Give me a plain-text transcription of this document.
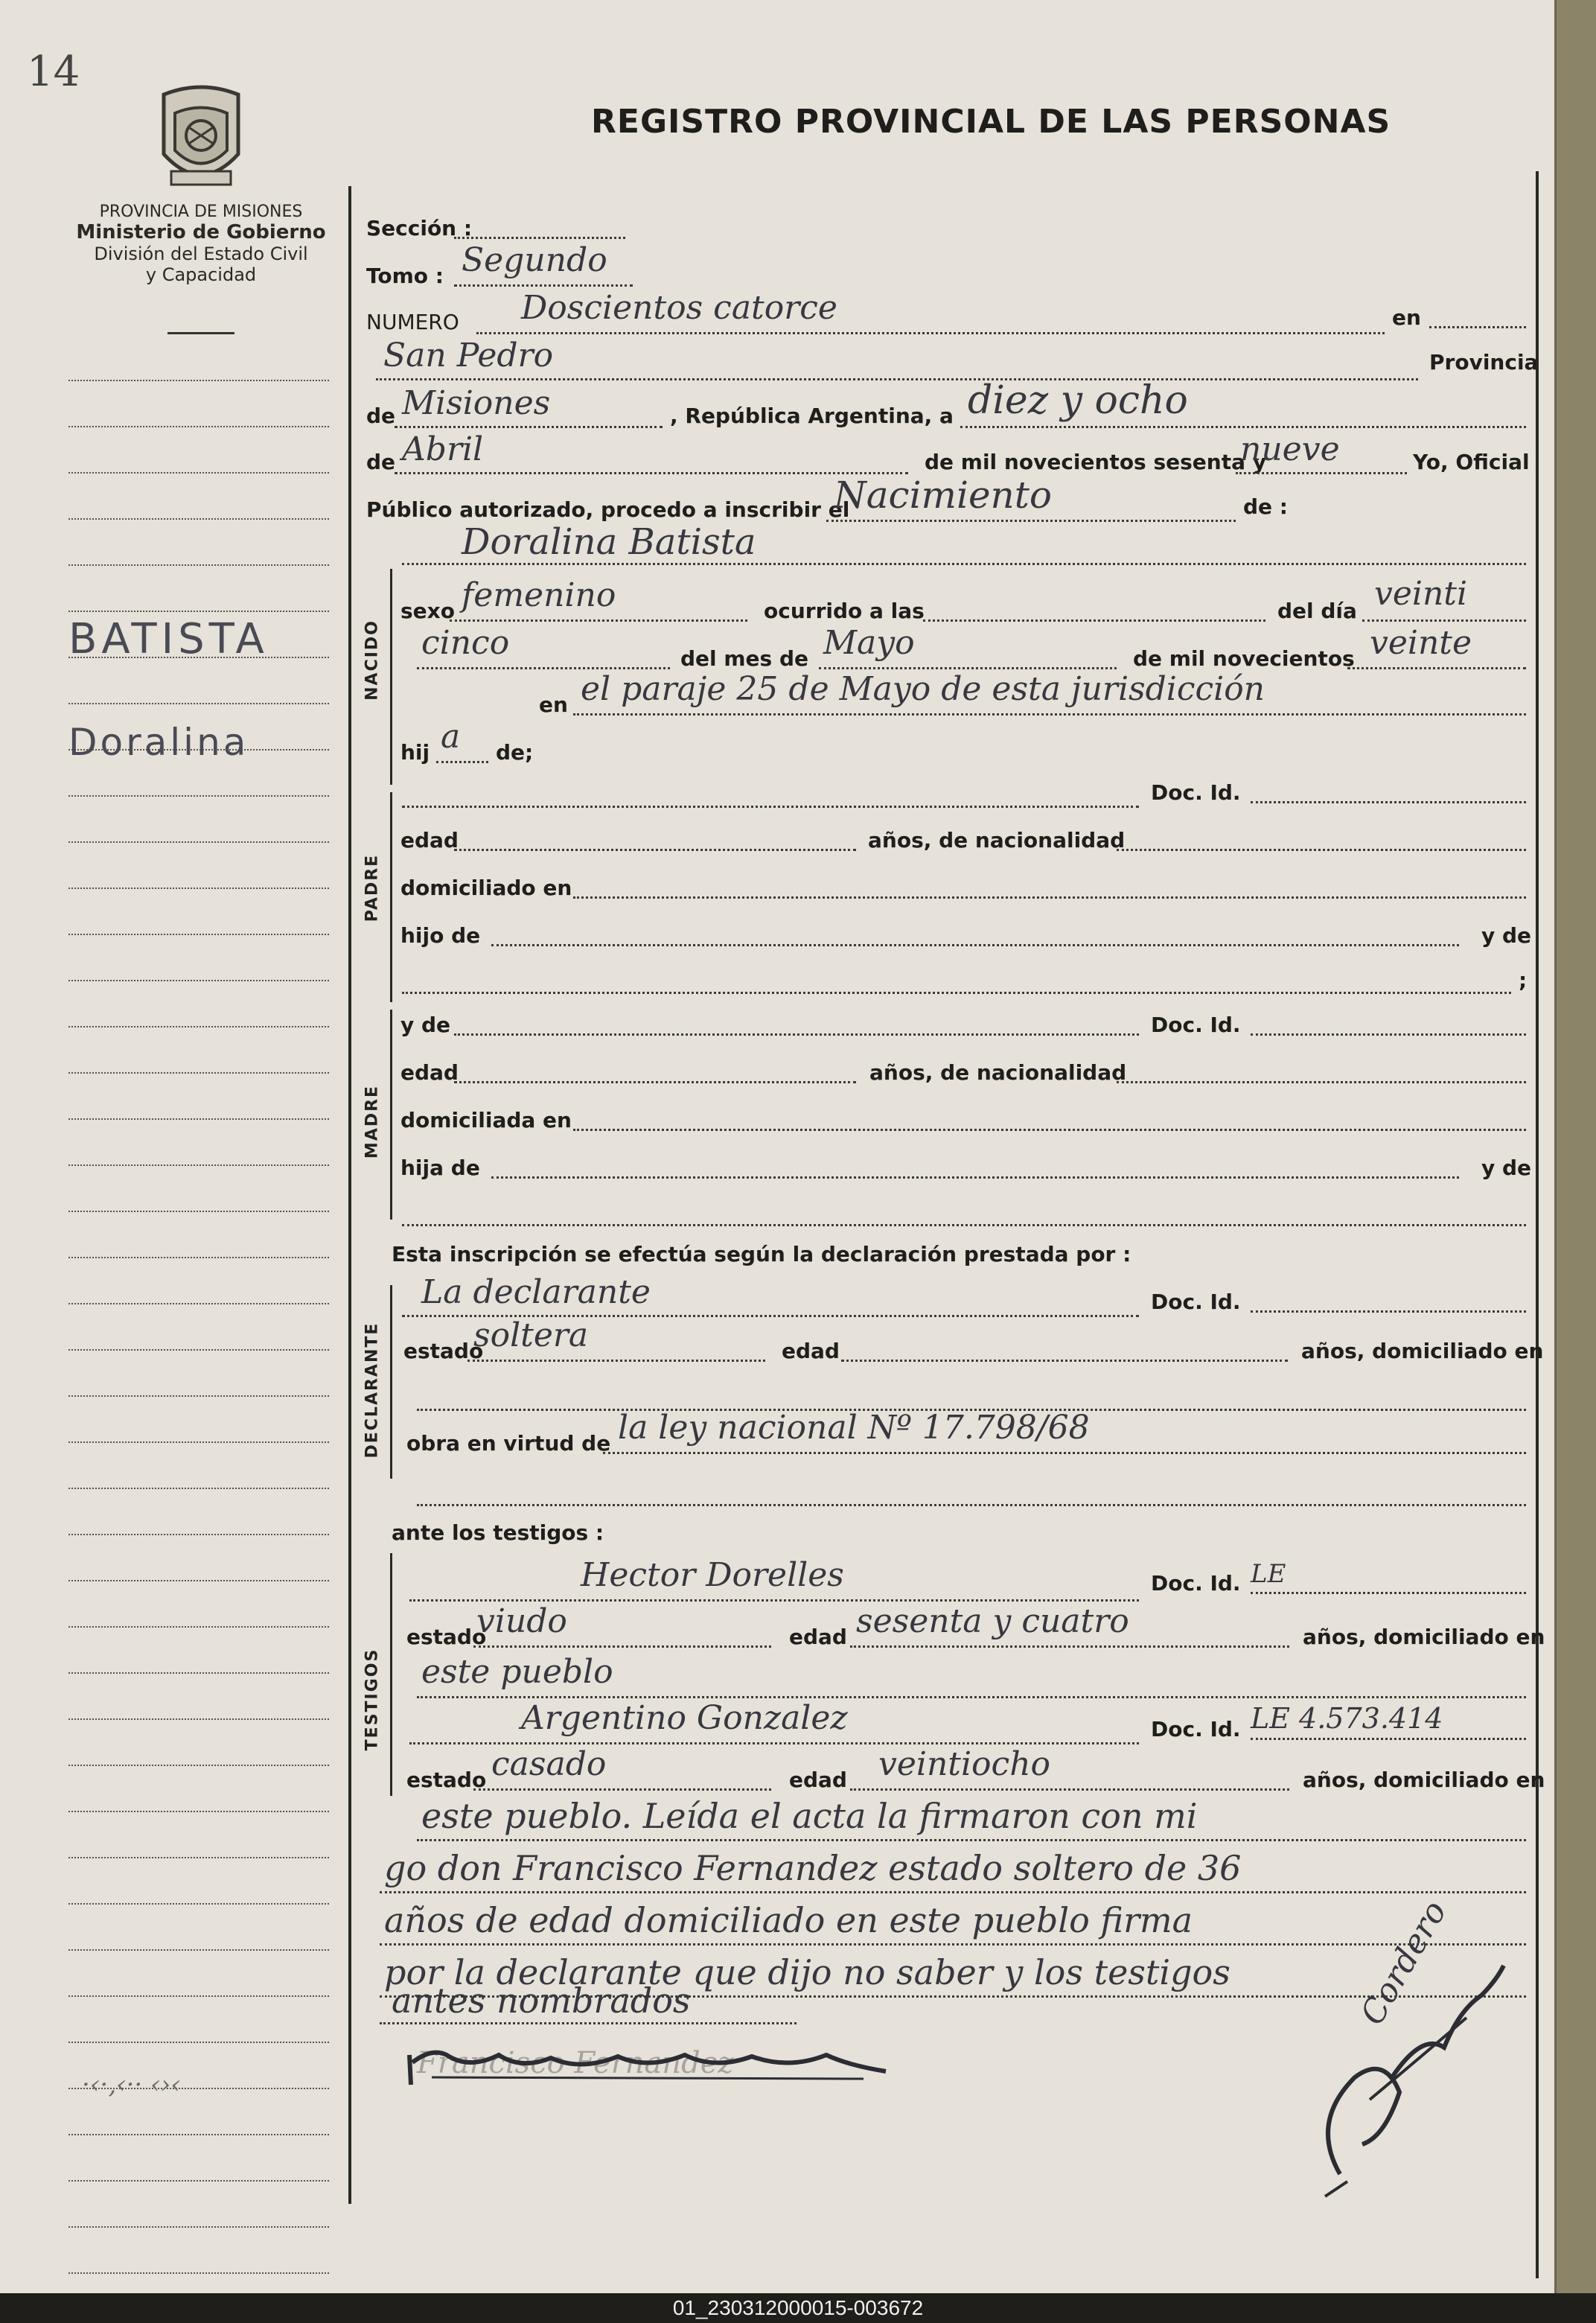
14
REGISTRO PROVINCIAL DE LAS PERSONAS
PROVINCIA DE MISIONES
Ministerio de Gobierno
División del Estado Civil
y Capacidad
BATISTA
Doralina
·‹·‚‹·· ‹›‹
NACIDO
PADRE
MADRE
DECLARANTE
TESTIGOS
Sección :
Tomo : Segundo
NUMERO Doscientos catorce	en
San Pedro	Provincia
de Misiones	, República Argentina, a diez y ocho
de Abril	de mil novecientos sesenta y
nueve	Yo, Oficial
Público autorizado, procedo a inscribir el
Nacimiento	de :
Doralina Batista
sexo femenino	ocurrido a las	del día veinti
cinco	del mes de Mayo	de mil novecientos veinte
en el paraje 25 de Mayo de esta jurisdicción
hij a de;
Doc. Id.
edad	años, de nacionalidad
domiciliado en
hijo de	y de
;
y de	Doc. Id.
edad	años, de nacionalidad
domiciliada en
hija de	y de
Esta inscripción se efectúa según la declaración prestada por :
La declarante	Doc. Id.
estado
soltera	edad	años, domiciliado en
obra en virtud de la ley nacional Nº 17.798/68
ante los testigos :
Hector Dorelles	Doc. Id. LE
estado
viudo	edad sesenta y cuatro	años, domiciliado en
este pueblo
Argentino Gonzalez	Doc. Id. LE 4.573.414
estado casado	edad veintiocho	años, domiciliado en
este pueblo. Leída el acta la firmaron con mi
go don Francisco Fernandez estado soltero de 36
años de edad domiciliado en este pueblo firma
por la declarante que dijo no saber y los testigos
antes nombrados	Cordero
Francisco Fernandez
01_230312000015-003672
